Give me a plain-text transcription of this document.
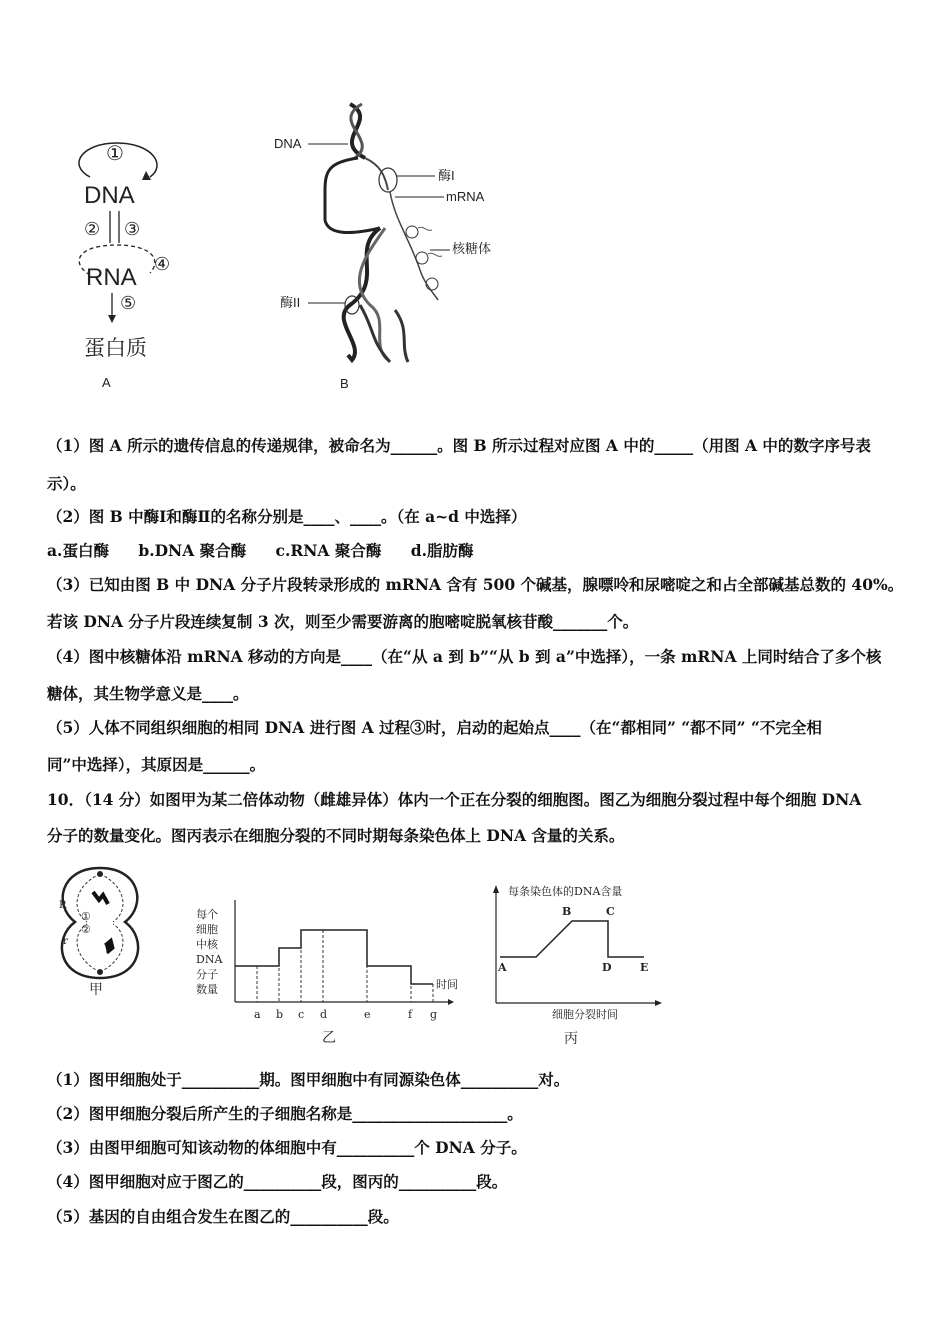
①
DNA
② ③
RNA ④
⑤
蛋白质
A
DNA
酶I
mRNA
核糖体
酶II
B
（1）图 A 所示的遗传信息的传递规律，被命名为______。图 B 所示过程对应图 A 中的_____（用图 A 中的数字序号表
示）。
（2）图 B 中酶Ⅰ和酶Ⅱ的名称分别是____、____。（在 a~d 中选择）
a.蛋白酶 b.DNA 聚合酶 c.RNA 聚合酶 d.脂肪酶
（3）已知由图 B 中 DNA 分子片段转录形成的 mRNA 含有 500 个碱基，腺嘌呤和尿嘧啶之和占全部碱基总数的 40%。
若该 DNA 分子片段连续复制 3 次，则至少需要游离的胞嘧啶脱氧核苷酸_______个。
（4）图中核糖体沿 mRNA 移动的方向是____（在“从 a 到 b”“从 b 到 a”中选择），一条 mRNA 上同时结合了多个核
糖体，其生物学意义是____。
（5）人体不同组织细胞的相同 DNA 进行图 A 过程③时，启动的起始点____（在“都相同” “都不同” “不完全相
同”中选择），其原因是______。
10．（14 分）如图甲为某二倍体动物（雌雄异体）体内一个正在分裂的细胞图。图乙为细胞分裂过程中每个细胞 DNA
分子的数量变化。图丙表示在细胞分裂的不同时期每条染色体上 DNA 含量的关系。
R
r
①
②
甲
每个
细胞
中核
DNA
分子
数量
a b c d	e	f g
时间
乙
每条染色体的DNA含量
A
B	C
D	E
细胞分裂时间
丙
（1）图甲细胞处于__________期。图甲细胞中有同源染色体__________对。
（2）图甲细胞分裂后所产生的子细胞名称是____________________。
（3）由图甲细胞可知该动物的体细胞中有__________个 DNA 分子。
（4）图甲细胞对应于图乙的__________段，图丙的__________段。
（5）基因的自由组合发生在图乙的__________段。
